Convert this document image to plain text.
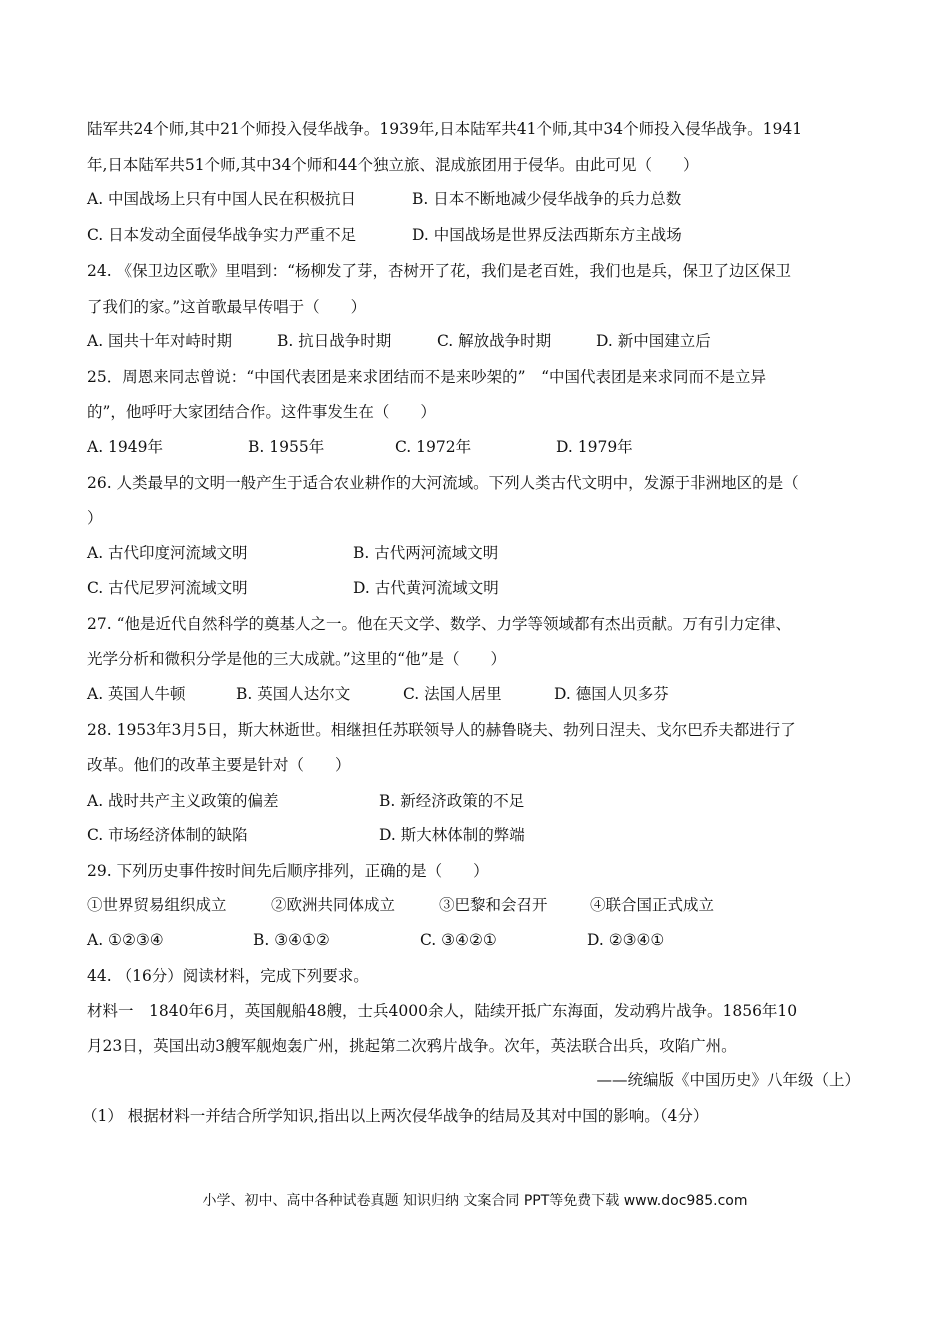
陆军共24个师,其中21个师投入侵华战争。1939年,日本陆军共41个师,其中34个师投入侵华战争。1941
年,日本陆军共51个师,其中34个师和44个独立旅、混成旅团用于侵华。由此可见（　　）
A. 中国战场上只有中国人民在积极抗日	B. 日本不断地减少侵华战争的兵力总数
C. 日本发动全面侵华战争实力严重不足	D. 中国战场是世界反法西斯东方主战场
24. 《保卫边区歌》里唱到：“杨柳发了芽，杏树开了花，我们是老百姓，我们也是兵，保卫了边区保卫
了我们的家。”这首歌最早传唱于（　　）
A. 国共十年对峙时期	B. 抗日战争时期	C. 解放战争时期	D. 新中国建立后
25．周恩来同志曾说：“中国代表团是来求团结而不是来吵架的”　“中国代表团是来求同而不是立异
的”，他呼吁大家团结合作。这件事发生在（　　）
A. 1949年	B. 1955年	C. 1972年	D. 1979年
26. 人类最早的文明一般产生于适合农业耕作的大河流域。下列人类古代文明中，发源于非洲地区的是（
）
A. 古代印度河流域文明	B. 古代两河流域文明
C. 古代尼罗河流域文明	D. 古代黄河流域文明
27. “他是近代自然科学的奠基人之一。他在天文学、数学、力学等领域都有杰出贡献。万有引力定律、
光学分析和微积分学是他的三大成就。”这里的“他”是（　　）
A. 英国人牛顿	B. 英国人达尔文	C. 法国人居里	D. 德国人贝多芬
28. 1953年3月5日，斯大林逝世。相继担任苏联领导人的赫鲁晓夫、勃列日涅夫、戈尔巴乔夫都进行了
改革。他们的改革主要是针对（　　）
A. 战时共产主义政策的偏差	B. 新经济政策的不足
C. 市场经济体制的缺陷	D. 斯大林体制的弊端
29. 下列历史事件按时间先后顺序排列，正确的是（　　）
①世界贸易组织成立	②欧洲共同体成立	③巴黎和会召开	④联合国正式成立
A. ①②③④	B. ③④①②	C. ③④②①	D. ②③④①
44. （16分）阅读材料，完成下列要求。
材料一　1840年6月，英国舰船48艘，士兵4000余人，陆续开抵广东海面，发动鸦片战争。1856年10
月23日，英国出动3艘军舰炮轰广州，挑起第二次鸦片战争。次年，英法联合出兵，攻陷广州。
——统编版《中国历史》八年级（上）
（1） 根据材料一并结合所学知识,指出以上两次侵华战争的结局及其对中国的影响。（4分）
小学、初中、高中各种试卷真题 知识归纳 文案合同 PPT等免费下载 www.doc985.com
